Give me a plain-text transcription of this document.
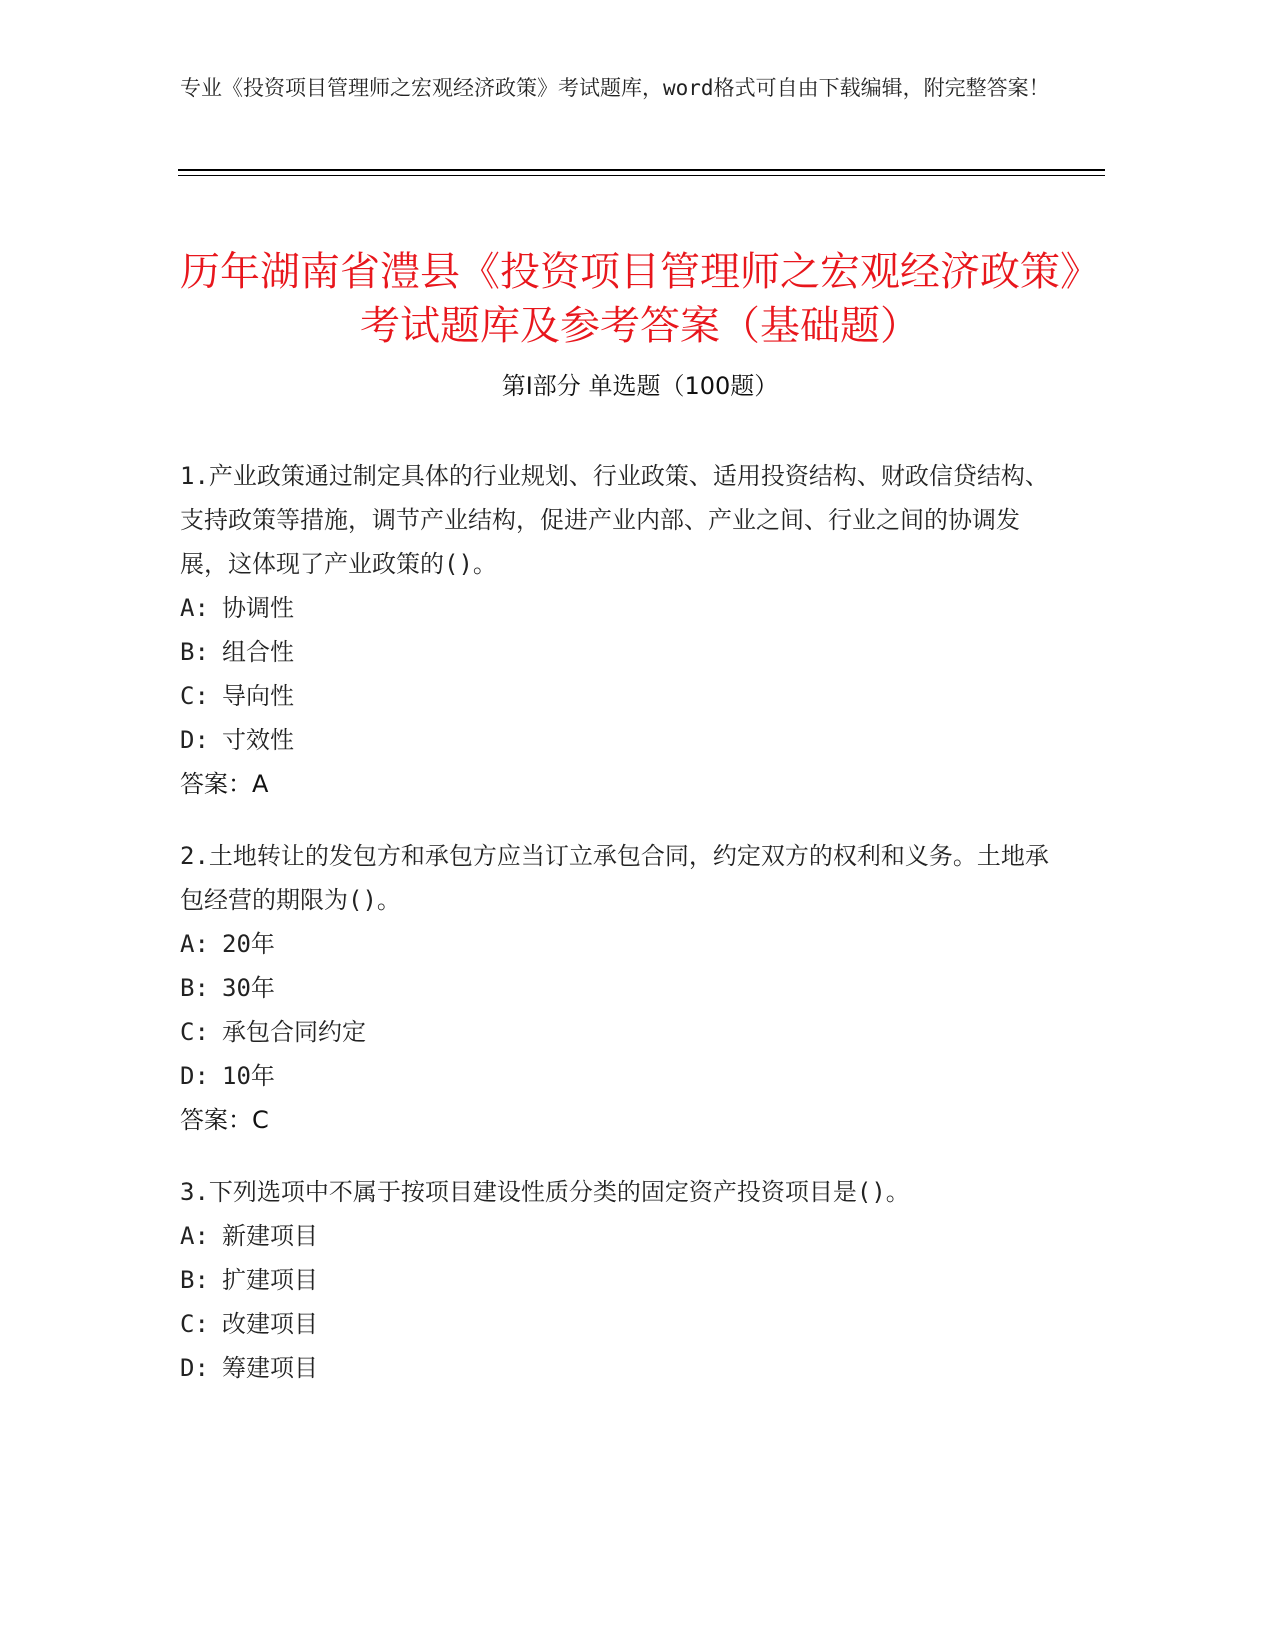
专业《投资项目管理师之宏观经济政策》考试题库，word格式可自由下载编辑，附完整答案！
历年湖南省澧县《投资项目管理师之宏观经济政策》考试题库及参考答案（基础题）
第Ⅰ部分 单选题（100题）

1.产业政策通过制定具体的行业规划、行业政策、适用投资结构、财政信贷结构、支持政策等措施，调节产业结构，促进产业内部、产业之间、行业之间的协调发展，这体现了产业政策的()。

A: 协调性

B: 组合性

C: 导向性

D: 寸效性

答案：A

2.土地转让的发包方和承包方应当订立承包合同，约定双方的权利和义务。土地承包经营的期限为()。

A: 20年

B: 30年

C: 承包合同约定

D: 10年

答案：C

3.下列选项中不属于按项目建设性质分类的固定资产投资项目是()。

A: 新建项目

B: 扩建项目

C: 改建项目

D: 筹建项目
